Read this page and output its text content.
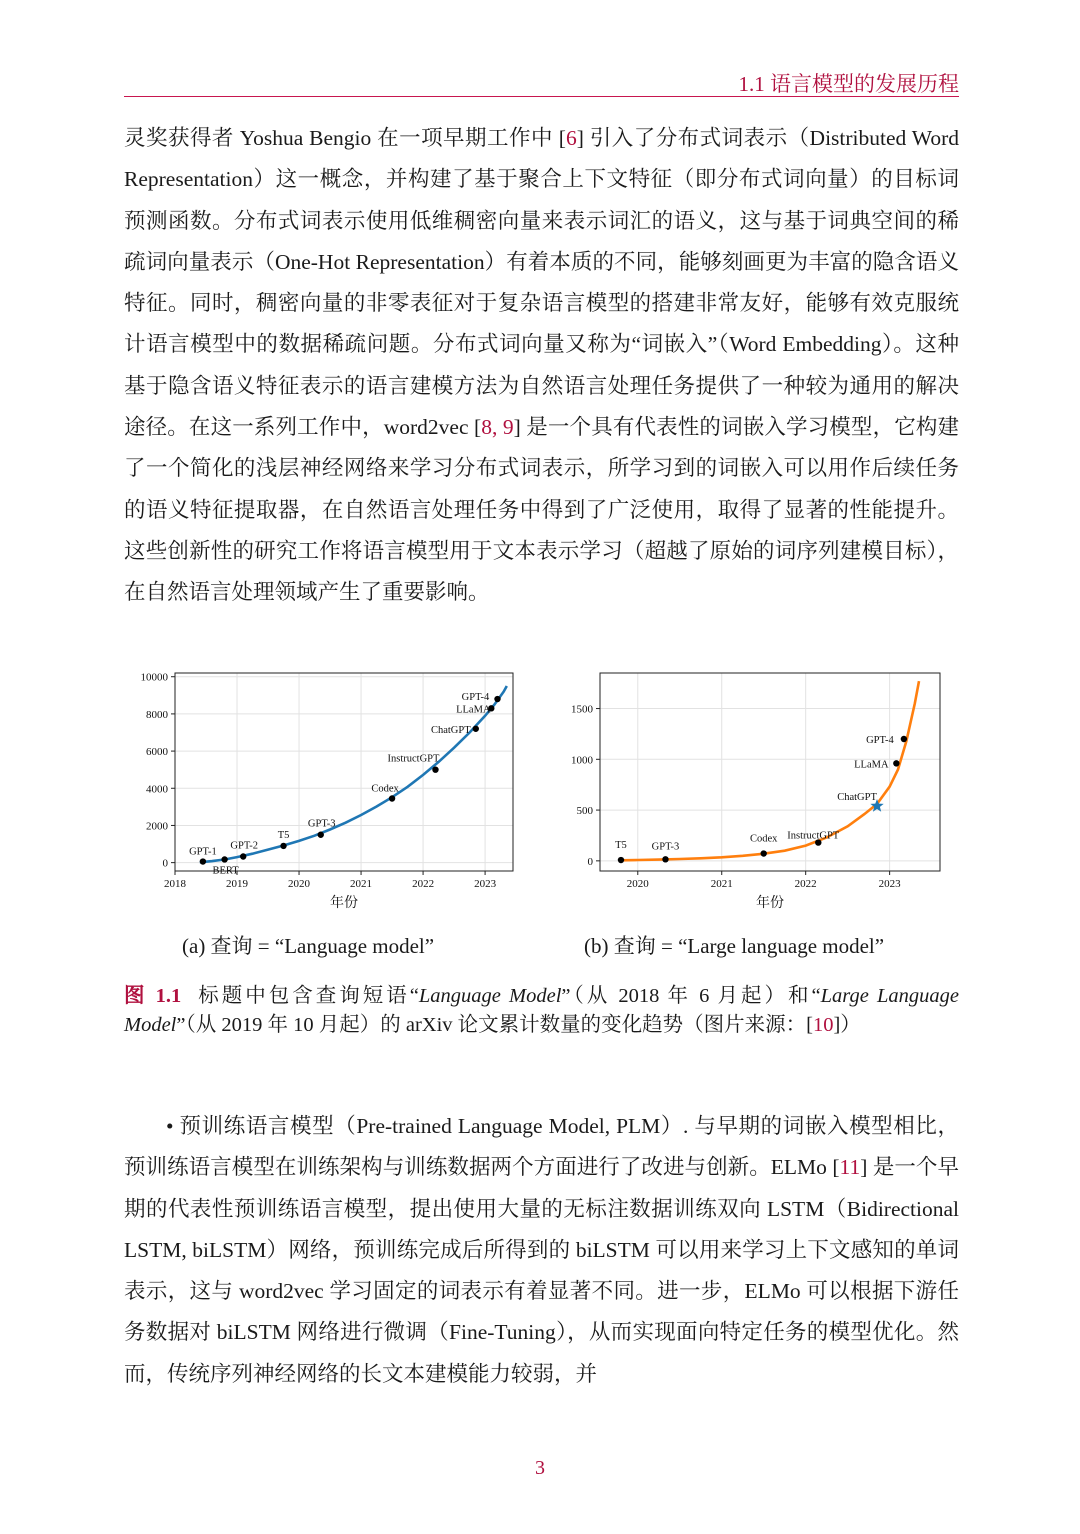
1.1 语言模型的发展历程

灵奖获得者 Yoshua Bengio 在一项早期工作中 [6] 引入了分布式词表示（Distributed Word Representation）这一概念，并构建了基于聚合上下文特征（即分布式词向量）的目标词预测函数。分布式词表示使用低维稠密向量来表示词汇的语义，这与基于词典空间的稀疏词向量表示（One-Hot Representation）有着本质的不同，能够刻画更为丰富的隐含语义特征。同时，稠密向量的非零表征对于复杂语言模型的搭建非常友好，能够有效克服统计语言模型中的数据稀疏问题。分布式词向量又称为“词嵌入”（Word Embedding）。这种基于隐含语义特征表示的语言建模方法为自然语言处理任务提供了一种较为通用的解决途径。在这一系列工作中，word2vec [8, 9] 是一个具有代表性的词嵌入学习模型，它构建了一个简化的浅层神经网络来学习分布式词表示，所学习到的词嵌入可以用作后续任务的语义特征提取器，在自然语言处理任务中得到了广泛使用，取得了显著的性能提升。这些创新性的研究工作将语言模型用于文本表示学习（超越了原始的词序列建模目标），在自然语言处理领域产生了重要影响。

2018	2019	2020	2021	2022	2023
0
2000
4000
6000
8000
10000
年份
GPT-1
BERT
GPT-2
T5
GPT-3
Codex
InstructGPT
ChatGPT
LLaMA
GPT-4
2020	2021	2022	2023
0
500
1000
1500
年份
T5 GPT-3
Codex InstructGPT
ChatGPT
LLaMA
GPT-4
(a) 查询 = “Language model”	(b) 查询 = “Large language model”
图 1.1 标题中包含查询短语“Language Model”（从 2018 年 6 月起）和“Large Language Model”（从 2019 年 10 月起）的 arXiv 论文累计数量的变化趋势（图片来源：[10]）

• 预训练语言模型（Pre-trained Language Model, PLM）. 与早期的词嵌入模型相比，预训练语言模型在训练架构与训练数据两个方面进行了改进与创新。ELMo [11] 是一个早期的代表性预训练语言模型，提出使用大量的无标注数据训练双向 LSTM（Bidirectional LSTM, biLSTM）网络，预训练完成后所得到的 biLSTM 可以用来学习上下文感知的单词表示，这与 word2vec 学习固定的词表示有着显著不同。进一步，ELMo 可以根据下游任务数据对 biLSTM 网络进行微调（Fine-Tuning），从而实现面向特定任务的模型优化。然而，传统序列神经网络的长文本建模能力较弱，并

3
